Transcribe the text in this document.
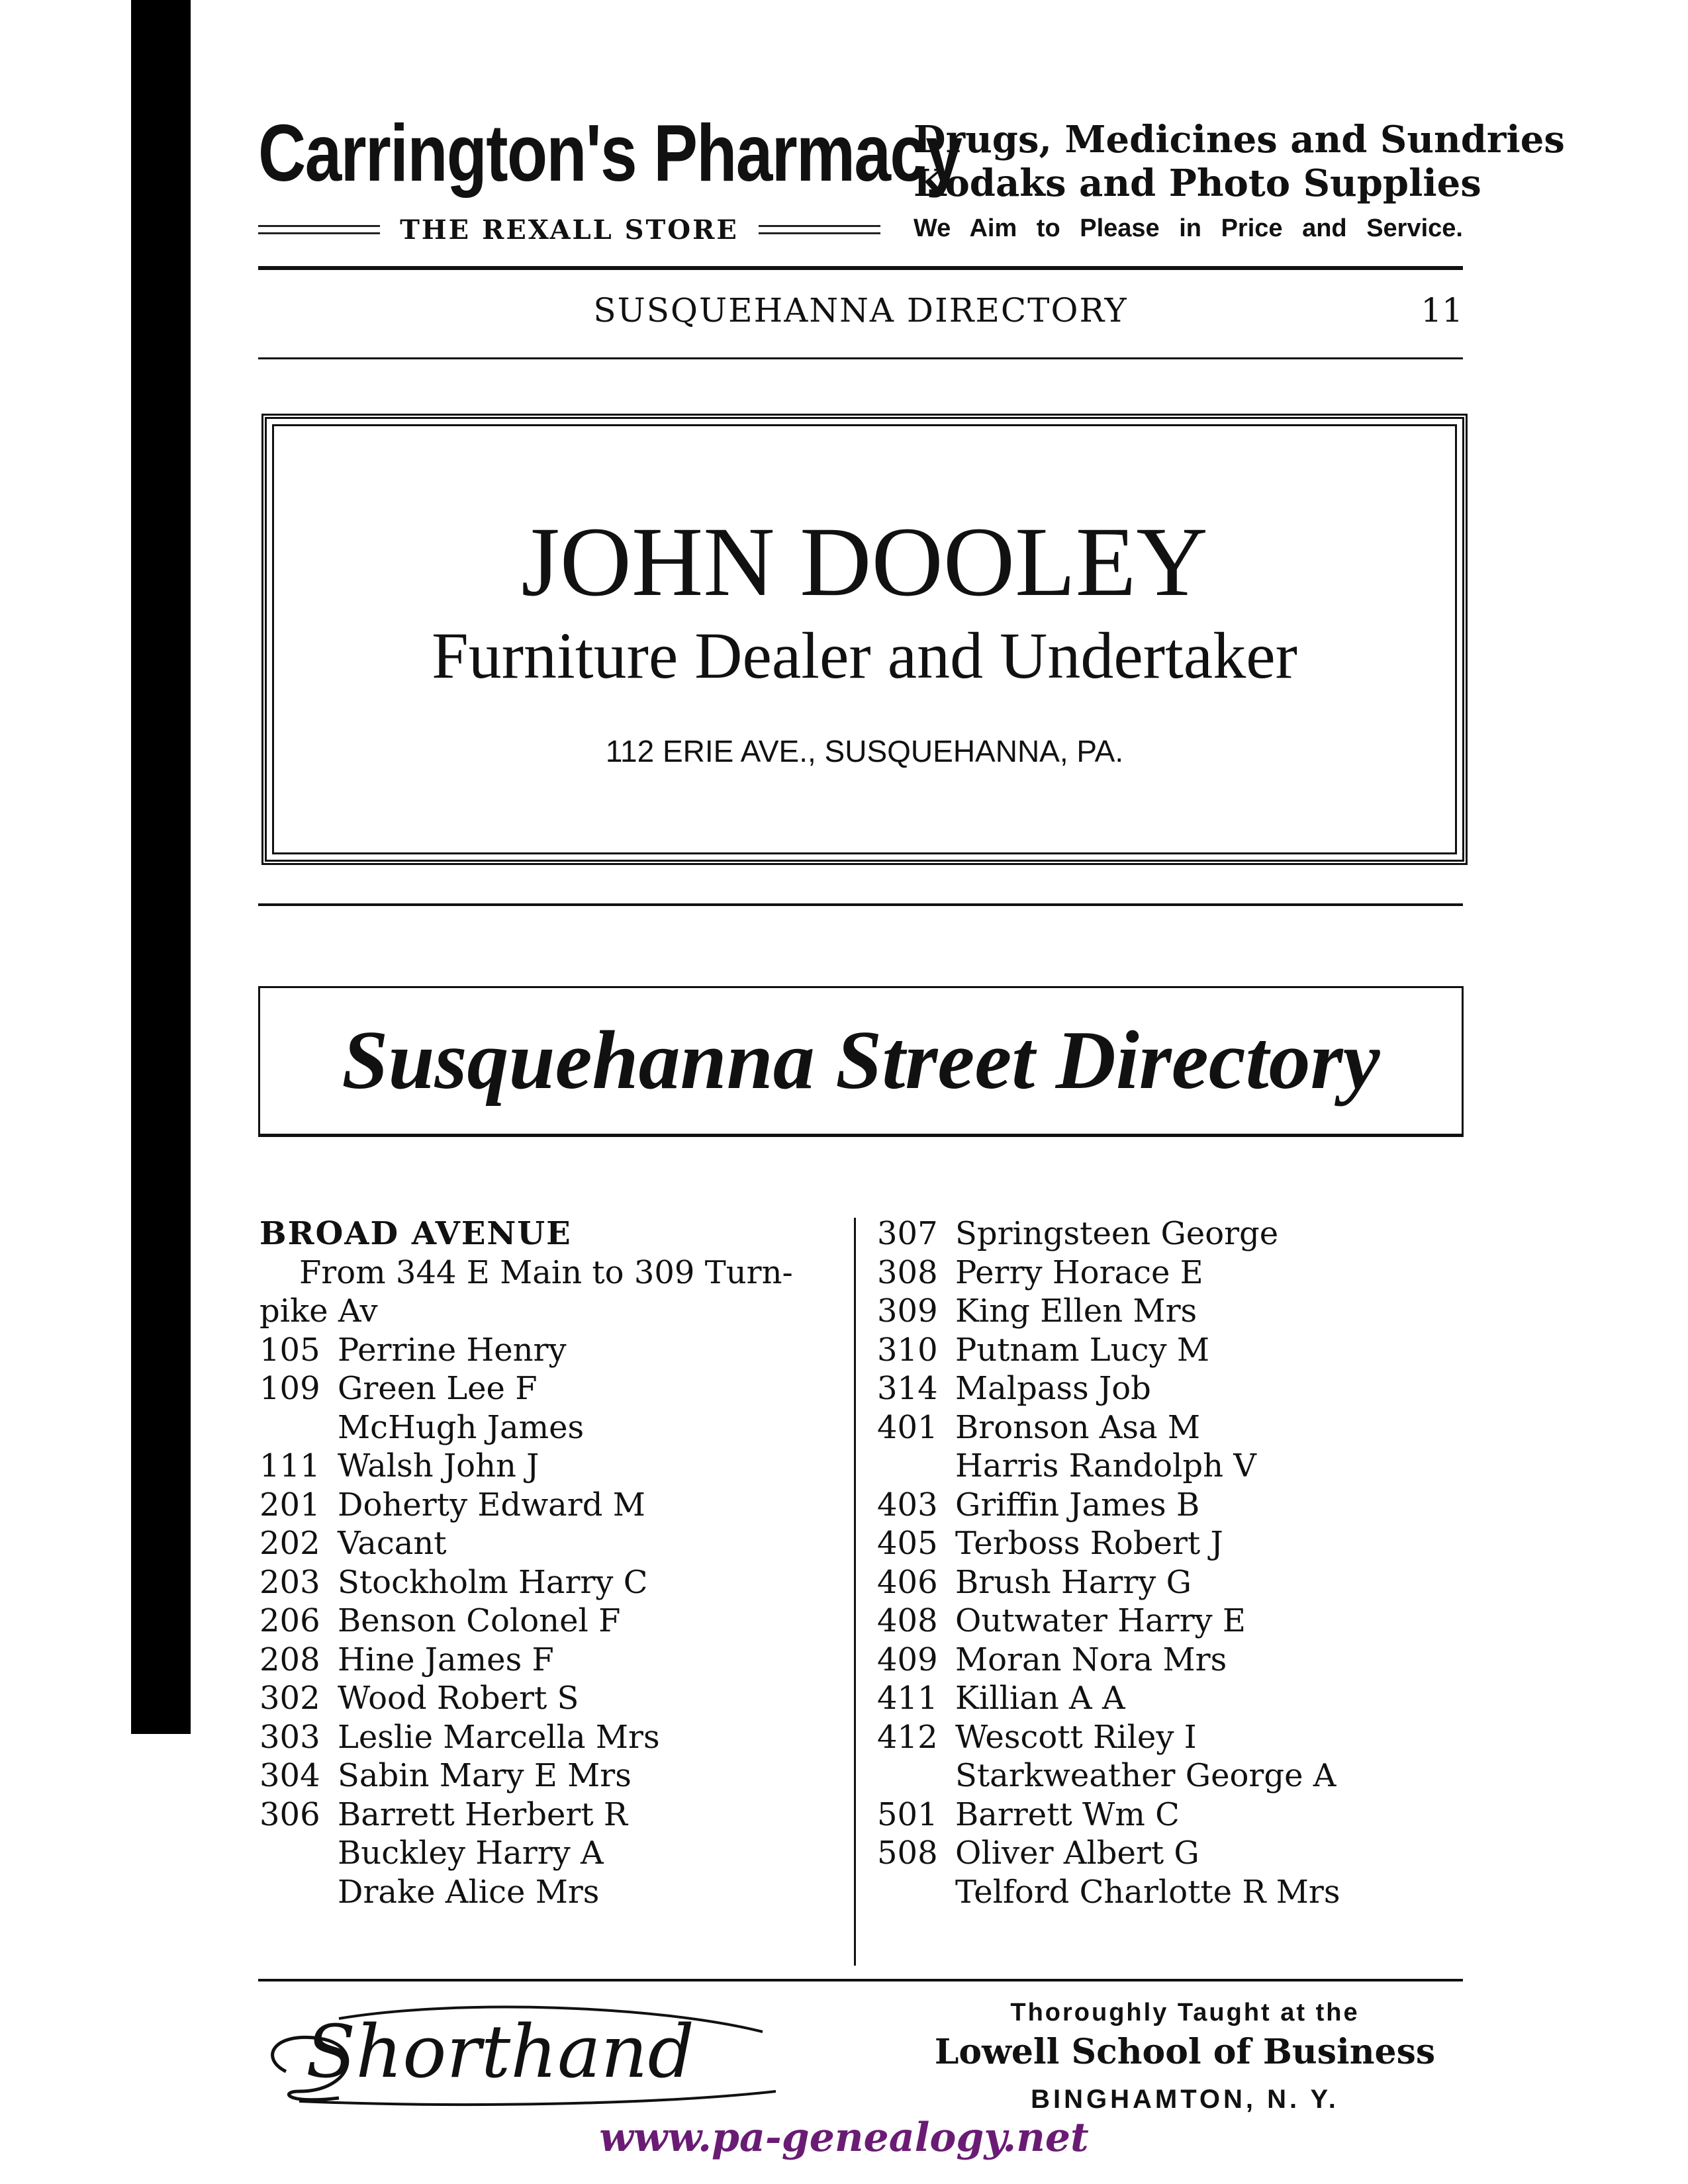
Carrington's Pharmacy
THE REXALL STORE
Drugs, Medicines and Sundries
Kodaks and Photo Supplies
We Aim to Please in Price and Service.
SUSQUEHANNA DIRECTORY	11
JOHN DOOLEY
Furniture Dealer and Undertaker
112 ERIE AVE., SUSQUEHANNA, PA.
Susquehanna Street Directory
BROAD AVENUE
From 344 E Main to 309 Turn-
pike Av
105 Perrine Henry
109 Green Lee F
McHugh James
111 Walsh John J
201 Doherty Edward M
202 Vacant
203 Stockholm Harry C
206 Benson Colonel F
208 Hine James F
302 Wood Robert S
303 Leslie Marcella Mrs
304 Sabin Mary E Mrs
306 Barrett Herbert R
Buckley Harry A
Drake Alice Mrs
307 Springsteen George
308 Perry Horace E
309 King Ellen Mrs
310 Putnam Lucy M
314 Malpass Job
401 Bronson Asa M
Harris Randolph V
403 Griffin James B
405 Terboss Robert J
406 Brush Harry G
408 Outwater Harry E
409 Moran Nora Mrs
411 Killian A A
412 Wescott Riley I
Starkweather George A
501 Barrett Wm C
508 Oliver Albert G
Telford Charlotte R Mrs
Shorthand	Thoroughly Taught at the
Lowell School of Business
BINGHAMTON, N. Y.
www.pa-genealogy.net
